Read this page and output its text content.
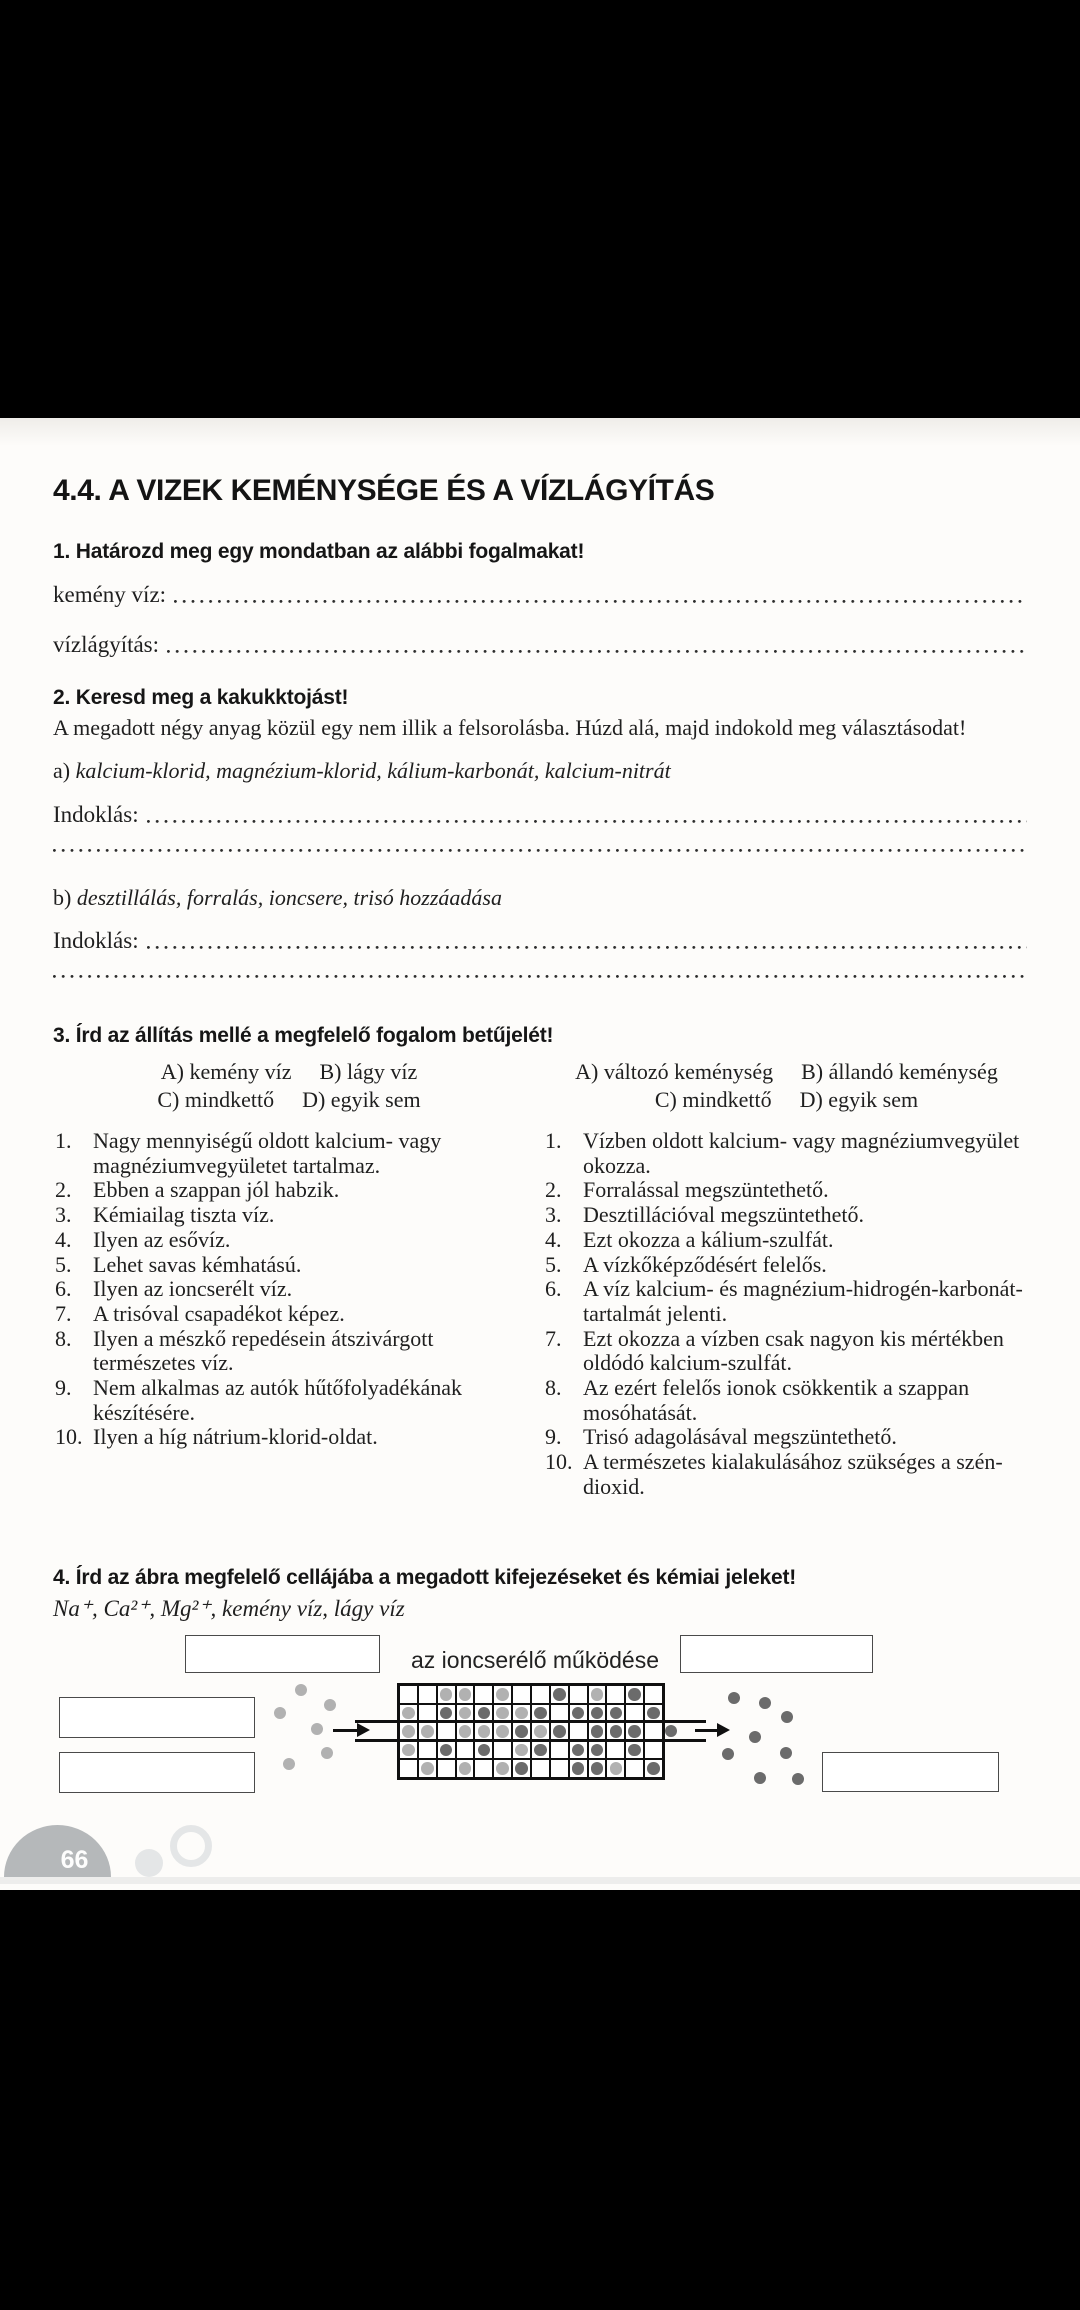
4.4. A VIZEK KEMÉNYSÉGE ÉS A VÍZLÁGYÍTÁS
1. Határozd meg egy mondatban az alábbi fogalmakat!
kemény víz:
vízlágyítás:
2. Keresd meg a kakukktojást!
A megadott négy anyag közül egy nem illik a felsorolásba. Húzd alá, majd indokold meg választásodat!
a) kalcium-klorid, magnézium-klorid, kálium-karbonát, kalcium-nitrát
Indoklás:
b) desztillálás, forralás, ioncsere, trisó hozzáadása
Indoklás:
3. Írd az állítás mellé a megfelelő fogalom betűjelét!
A) kemény víz B) lágy víz
C) mindkettő D) egyik sem
1. Nagy mennyiségű oldott kalcium- vagy magnéziumvegyületet tartalmaz.
2. Ebben a szappan jól habzik.
3. Kémiailag tiszta víz.
4. Ilyen az esővíz.
5. Lehet savas kémhatású.
6. Ilyen az ioncserélt víz.
7. A trisóval csapadékot képez.
8. Ilyen a mészkő repedésein átszivárgott természetes víz.
9. Nem alkalmas az autók hűtőfolyadékának készítésére.
10. Ilyen a híg nátrium-klorid-oldat.
A) változó keménység B) állandó keménység
C) mindkettő D) egyik sem
1. Vízben oldott kalcium- vagy magnéziumvegyület okozza.
2. Forralással megszüntethető.
3. Desztillációval megszüntethető.
4. Ezt okozza a kálium-szulfát.
5. A vízkőképződésért felelős.
6. A víz kalcium- és magnézium-hidrogén-karbonát-tartalmát jelenti.
7. Ezt okozza a vízben csak nagyon kis mértékben oldódó kalcium-szulfát.
8. Az ezért felelős ionok csökkentik a szappan mosóhatását.
9. Trisó adagolásával megszüntethető.
10. A természetes kialakulásához szükséges a szén-dioxid.
4. Írd az ábra megfelelő cellájába a megadott kifejezéseket és kémiai jeleket!
Na⁺, Ca²⁺, Mg²⁺, kemény víz, lágy víz
az ioncserélő működése
66
